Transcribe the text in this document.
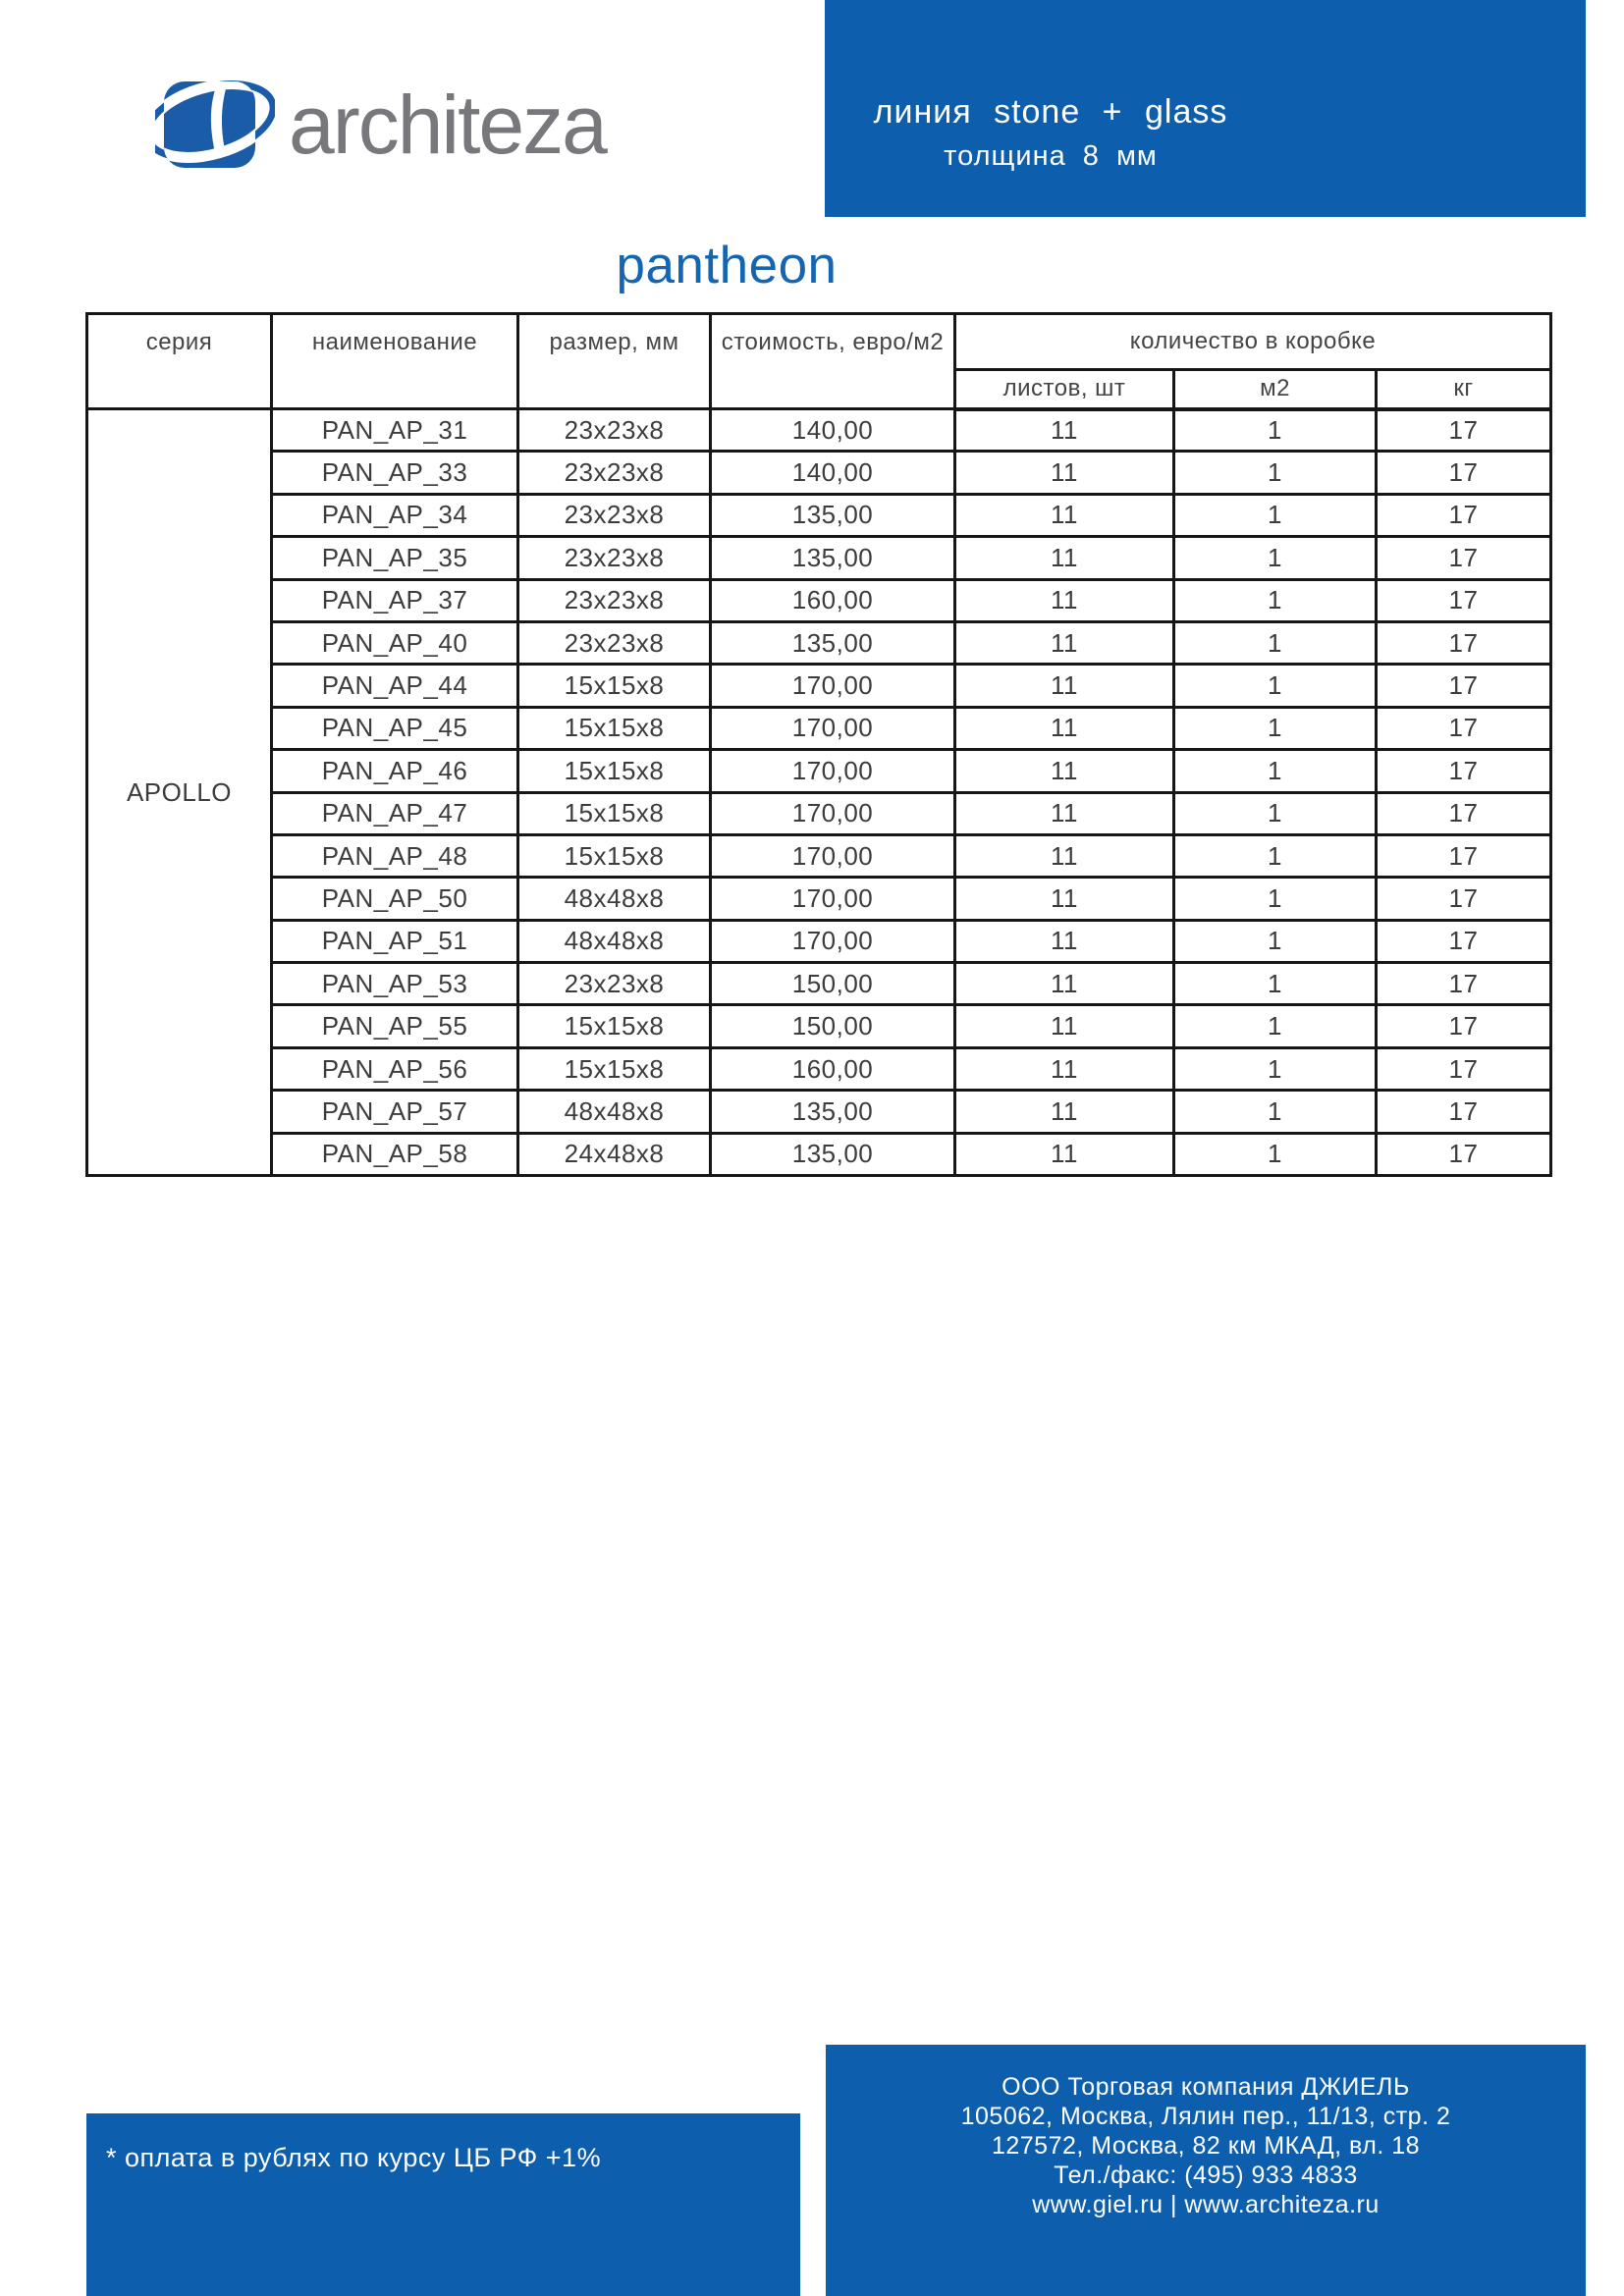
architeza	линия stone + glass
толщина 8 мм
pantheon
серия	наименование	размер, мм	стоимость, евро/м2	количество в коробке		
				листов, шт	м2	кг
APOLLO	PAN_AP_31	23x23x8	140,00	11	1	17
	PAN_AP_33	23x23x8	140,00	11	1	17
	PAN_AP_34	23x23x8	135,00	11	1	17
	PAN_AP_35	23x23x8	135,00	11	1	17
	PAN_AP_37	23x23x8	160,00	11	1	17
	PAN_AP_40	23x23x8	135,00	11	1	17
	PAN_AP_44	15x15x8	170,00	11	1	17
	PAN_AP_45	15x15x8	170,00	11	1	17
	PAN_AP_46	15x15x8	170,00	11	1	17
	PAN_AP_47	15x15x8	170,00	11	1	17
	PAN_AP_48	15x15x8	170,00	11	1	17
	PAN_AP_50	48x48x8	170,00	11	1	17
	PAN_AP_51	48x48x8	170,00	11	1	17
	PAN_AP_53	23x23x8	150,00	11	1	17
	PAN_AP_55	15x15x8	150,00	11	1	17
	PAN_AP_56	15x15x8	160,00	11	1	17
	PAN_AP_57	48x48x8	135,00	11	1	17
	PAN_AP_58	24x48x8	135,00	11	1	17
* оплата в рублях по курсу ЦБ РФ +1%
ООО Торговая компания ДЖИЕЛЬ
105062, Москва, Лялин пер., 11/13, стр. 2
127572, Москва, 82 км МКАД, вл. 18
Тел./факс: (495) 933 4833
www.giel.ru | www.architeza.ru
